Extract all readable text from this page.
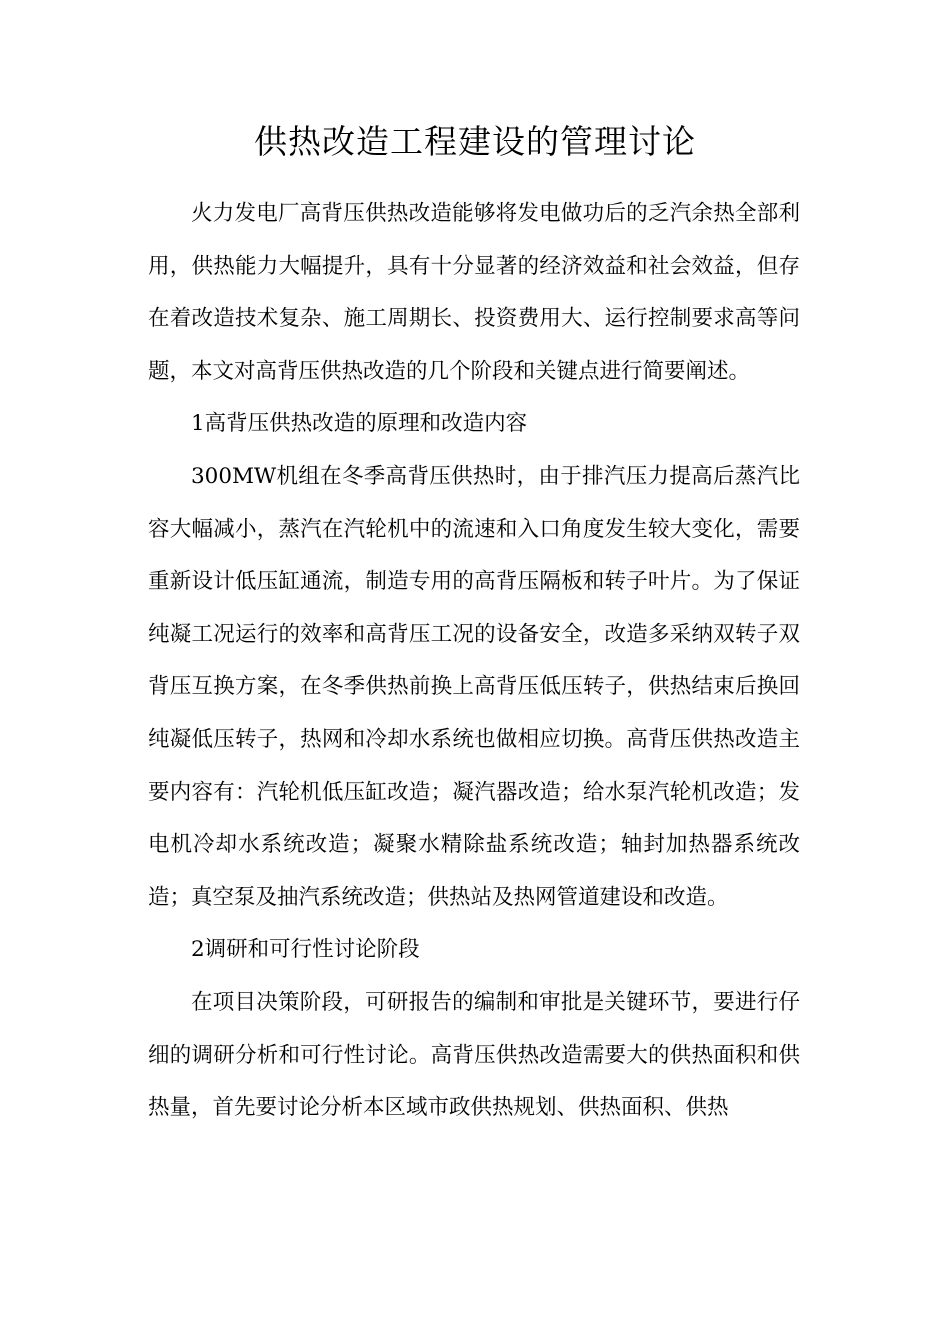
供热改造工程建设的管理讨论

火力发电厂高背压供热改造能够将发电做功后的乏汽余热全部利用，供热能力大幅提升，具有十分显著的经济效益和社会效益，但存在着改造技术复杂、施工周期长、投资费用大、运行控制要求高等问题，本文对高背压供热改造的几个阶段和关键点进行简要阐述。

1高背压供热改造的原理和改造内容

300MW机组在冬季高背压供热时，由于排汽压力提高后蒸汽比容大幅减小，蒸汽在汽轮机中的流速和入口角度发生较大变化，需要重新设计低压缸通流，制造专用的高背压隔板和转子叶片。为了保证纯凝工况运行的效率和高背压工况的设备安全，改造多采纳双转子双背压互换方案，在冬季供热前换上高背压低压转子，供热结束后换回纯凝低压转子，热网和冷却水系统也做相应切换。高背压供热改造主要内容有：汽轮机低压缸改造；凝汽器改造；给水泵汽轮机改造；发电机冷却水系统改造；凝聚水精除盐系统改造；轴封加热器系统改造；真空泵及抽汽系统改造；供热站及热网管道建设和改造。

2调研和可行性讨论阶段

在项目决策阶段，可研报告的编制和审批是关键环节，要进行仔细的调研分析和可行性讨论。高背压供热改造需要大的供热面积和供热量，首先要讨论分析本区域市政供热规划、供热面积、供热
